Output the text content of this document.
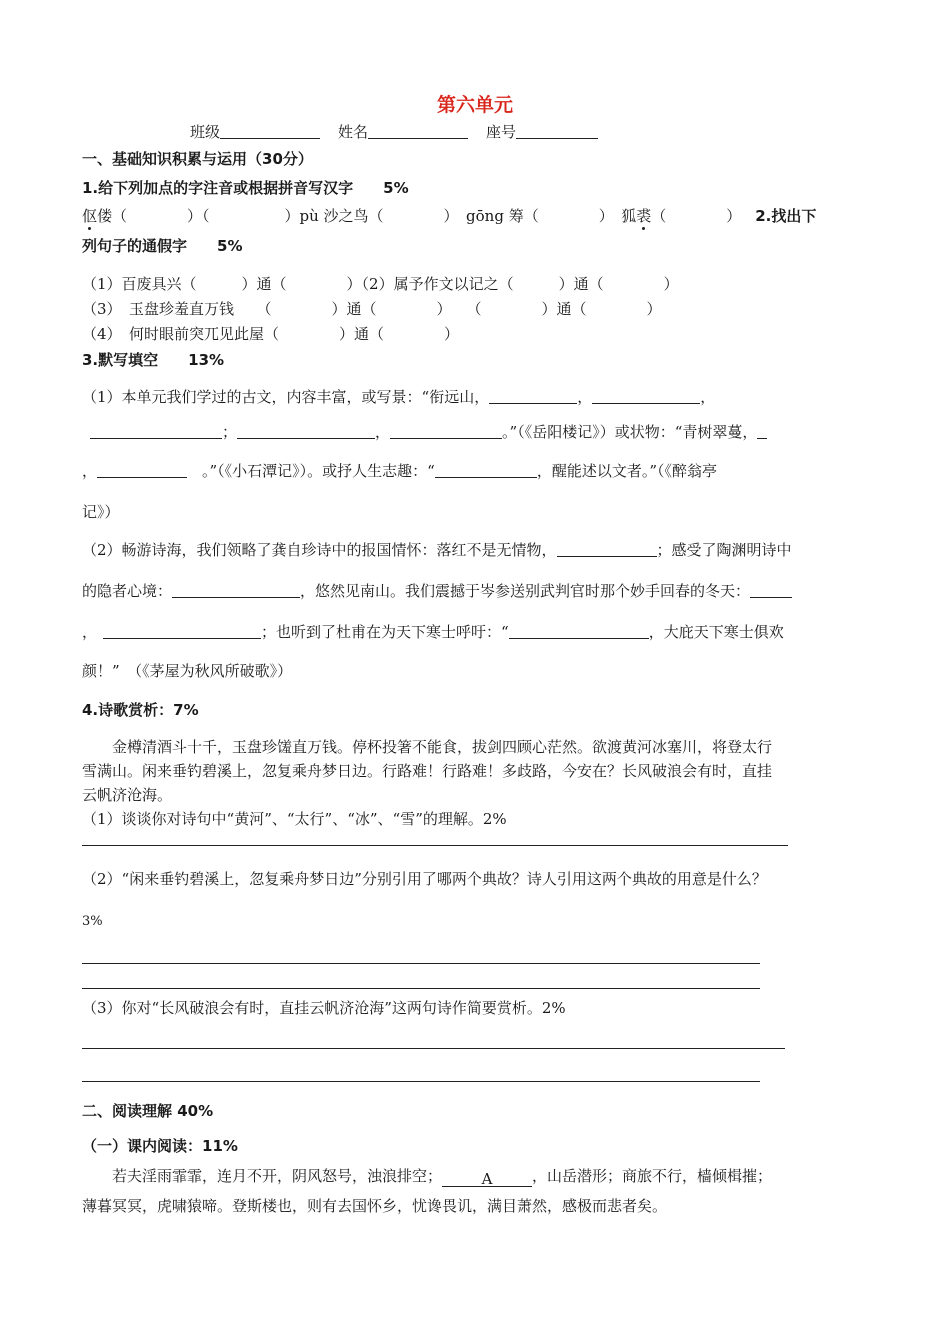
第六单元
班级	姓名	座号
一、基础知识积累与运用（30分）
1.给下列加点的字注音或根据拼音写汉字　　5%
伛偻（　　　　）（　　　　　）pù 沙之鸟（　　　　）　gōng 筹（　　　　）　狐裘（　　　　） 2.找出下
列句子的通假字　　5%
（1）百废具兴（　　　）通（　　　　）（2）属予作文以记之（　　　）通（　　　　）
（3）　玉盘珍羞直万钱　　（　　　　）通（　　　　）　　（　　　　）通（　　　　）
（4）　何时眼前突兀见此屋（　　　　）通（　　　　）
3.默写填空　　13%
（1）本单元我们学过的古文，内容丰富，或写景：“衔远山，	，	，
；	，	。”（《岳阳楼记》）或状物：“青树翠蔓，
，	　。”（《小石潭记》）。或抒人生志趣：“	，醒能述以文者。”（《醉翁亭
记》）
（2）畅游诗海，我们领略了龚自珍诗中的报国情怀：落红不是无情物，	；感受了陶渊明诗中
的隐者心境：	，悠然见南山。我们震撼于岑参送别武判官时那个妙手回春的冬天：
，	；也听到了杜甫在为天下寒士呼吁：“	，大庇天下寒士俱欢
颜！”　（《茅屋为秋风所破歌》）
4.诗歌赏析：7%
　　金樽清酒斗十千，玉盘珍馐直万钱。停杯投箸不能食，拔剑四顾心茫然。欲渡黄河冰塞川，将登太行
雪满山。闲来垂钓碧溪上，忽复乘舟梦日边。行路难！行路难！多歧路，今安在？长风破浪会有时，直挂
云帆济沧海。
（1）谈谈你对诗句中“黄河”、“太行”、“冰”、“雪”的理解。2%
（2）“闲来垂钓碧溪上，忽复乘舟梦日边”分别引用了哪两个典故？诗人引用这两个典故的用意是什么？
3%
（3）你对“长风破浪会有时，直挂云帆济沧海”这两句诗作简要赏析。2%
二、阅读理解 40%
（一）课内阅读：11%
　　若夫淫雨霏霏，连月不开，阴风怒号，浊浪排空；	A	，山岳潜形；商旅不行，樯倾楫摧；
薄暮冥冥，虎啸猿啼。登斯楼也，则有去国怀乡，忧谗畏讥，满目萧然，感极而悲者矣。
